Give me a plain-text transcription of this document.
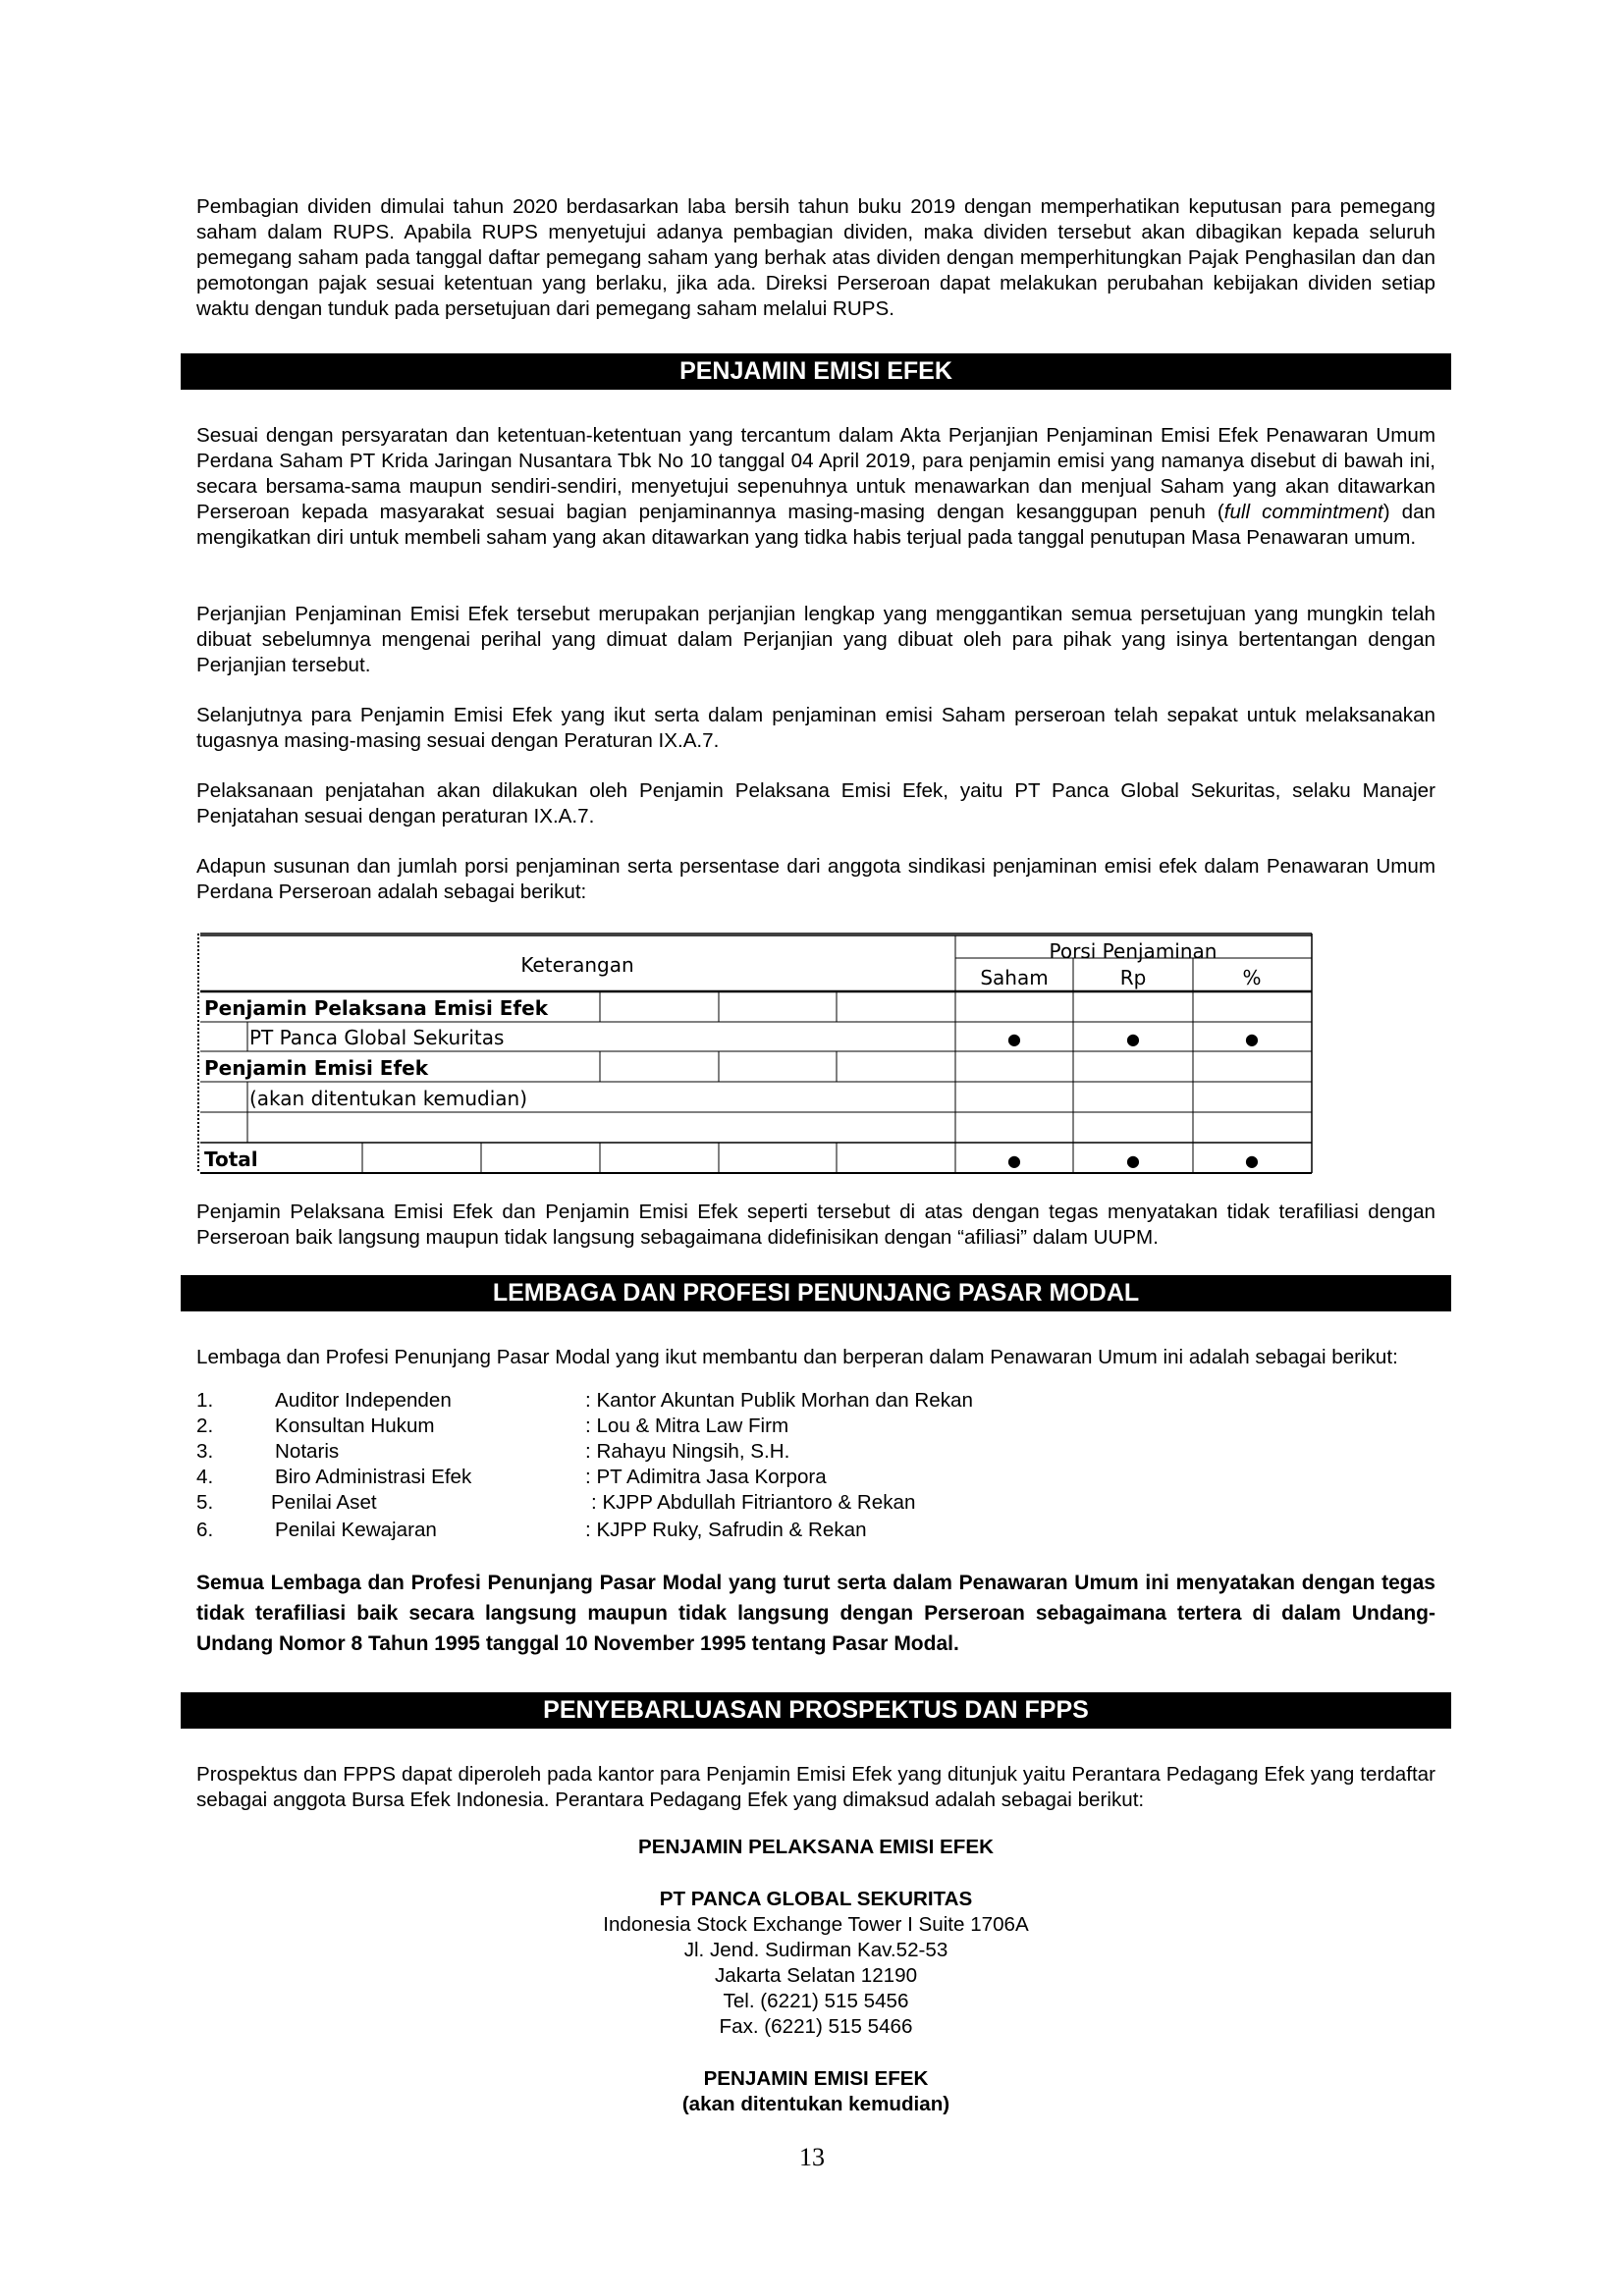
Pembagian dividen dimulai tahun 2020 berdasarkan laba bersih tahun buku 2019 dengan memperhatikan keputusan para pemegang saham dalam RUPS. Apabila RUPS menyetujui adanya pembagian dividen, maka dividen tersebut akan dibagikan kepada seluruh pemegang saham pada tanggal daftar pemegang saham yang berhak atas dividen dengan memperhitungkan Pajak Penghasilan dan dan pemotongan pajak sesuai ketentuan yang berlaku, jika ada. Direksi Perseroan dapat melakukan perubahan kebijakan dividen setiap waktu dengan tunduk pada persetujuan dari pemegang saham melalui RUPS.

PENJAMIN EMISI EFEK

Sesuai dengan persyaratan dan ketentuan-ketentuan yang tercantum dalam Akta Perjanjian Penjaminan Emisi Efek Penawaran Umum Perdana Saham PT Krida Jaringan Nusantara Tbk No 10 tanggal 04 April 2019, para penjamin emisi yang namanya disebut di bawah ini, secara bersama-sama maupun sendiri-sendiri, menyetujui sepenuhnya untuk menawarkan dan menjual Saham yang akan ditawarkan Perseroan kepada masyarakat sesuai bagian penjaminannya masing-masing dengan kesanggupan penuh (full commintment) dan mengikatkan diri untuk membeli saham yang akan ditawarkan yang tidka habis terjual pada tanggal penutupan Masa Penawaran umum.

Perjanjian Penjaminan Emisi Efek tersebut merupakan perjanjian lengkap yang menggantikan semua persetujuan yang mungkin telah dibuat sebelumnya mengenai perihal yang dimuat dalam Perjanjian yang dibuat oleh para pihak yang isinya bertentangan dengan Perjanjian tersebut.

Selanjutnya para Penjamin Emisi Efek yang ikut serta dalam penjaminan emisi Saham perseroan telah sepakat untuk melaksanakan tugasnya masing-masing sesuai dengan Peraturan IX.A.7.

Pelaksanaan penjatahan akan dilakukan oleh Penjamin Pelaksana Emisi Efek, yaitu PT Panca Global Sekuritas, selaku Manajer Penjatahan sesuai dengan peraturan IX.A.7.

Adapun susunan dan jumlah porsi penjaminan serta persentase dari anggota sindikasi penjaminan emisi efek dalam Penawaran Umum Perdana Perseroan adalah sebagai berikut:

Keterangan
Porsi Penjaminan
Saham	Rp	%
Penjamin Pelaksana Emisi Efek
PT Panca Global Sekuritas	●	●	●
Penjamin Emisi Efek
(akan ditentukan kemudian)
Total	●	●	●

Penjamin Pelaksana Emisi Efek dan Penjamin Emisi Efek seperti tersebut di atas dengan tegas menyatakan tidak terafiliasi dengan Perseroan baik langsung maupun tidak langsung sebagaimana didefinisikan dengan “afiliasi” dalam UUPM.

LEMBAGA DAN PROFESI PENUNJANG PASAR MODAL

Lembaga dan Profesi Penunjang Pasar Modal yang ikut membantu dan berperan dalam Penawaran Umum ini adalah sebagai berikut:

1.	Auditor Independen	: Kantor Akuntan Publik Morhan dan Rekan
2.	Konsultan Hukum	: Lou & Mitra Law Firm
3.	Notaris	: Rahayu Ningsih, S.H.
4.	Biro Administrasi Efek	: PT Adimitra Jasa Korpora
5.	Penilai Aset	: KJPP Abdullah Fitriantoro & Rekan
6.	Penilai Kewajaran	: KJPP Ruky, Safrudin & Rekan

Semua Lembaga dan Profesi Penunjang Pasar Modal yang turut serta dalam Penawaran Umum ini menyatakan dengan tegas tidak terafiliasi baik secara langsung maupun tidak langsung dengan Perseroan sebagaimana tertera di dalam Undang-Undang Nomor 8 Tahun 1995 tanggal 10 November 1995 tentang Pasar Modal.

PENYEBARLUASAN PROSPEKTUS DAN FPPS

Prospektus dan FPPS dapat diperoleh pada kantor para Penjamin Emisi Efek yang ditunjuk yaitu Perantara Pedagang Efek yang terdaftar sebagai anggota Bursa Efek Indonesia. Perantara Pedagang Efek yang dimaksud adalah sebagai berikut:

PENJAMIN PELAKSANA EMISI EFEK
PT PANCA GLOBAL SEKURITAS
Indonesia Stock Exchange Tower I Suite 1706A
Jl. Jend. Sudirman Kav.52-53
Jakarta Selatan 12190
Tel. (6221) 515 5456
Fax. (6221) 515 5466
PENJAMIN EMISI EFEK
(akan ditentukan kemudian)
13
